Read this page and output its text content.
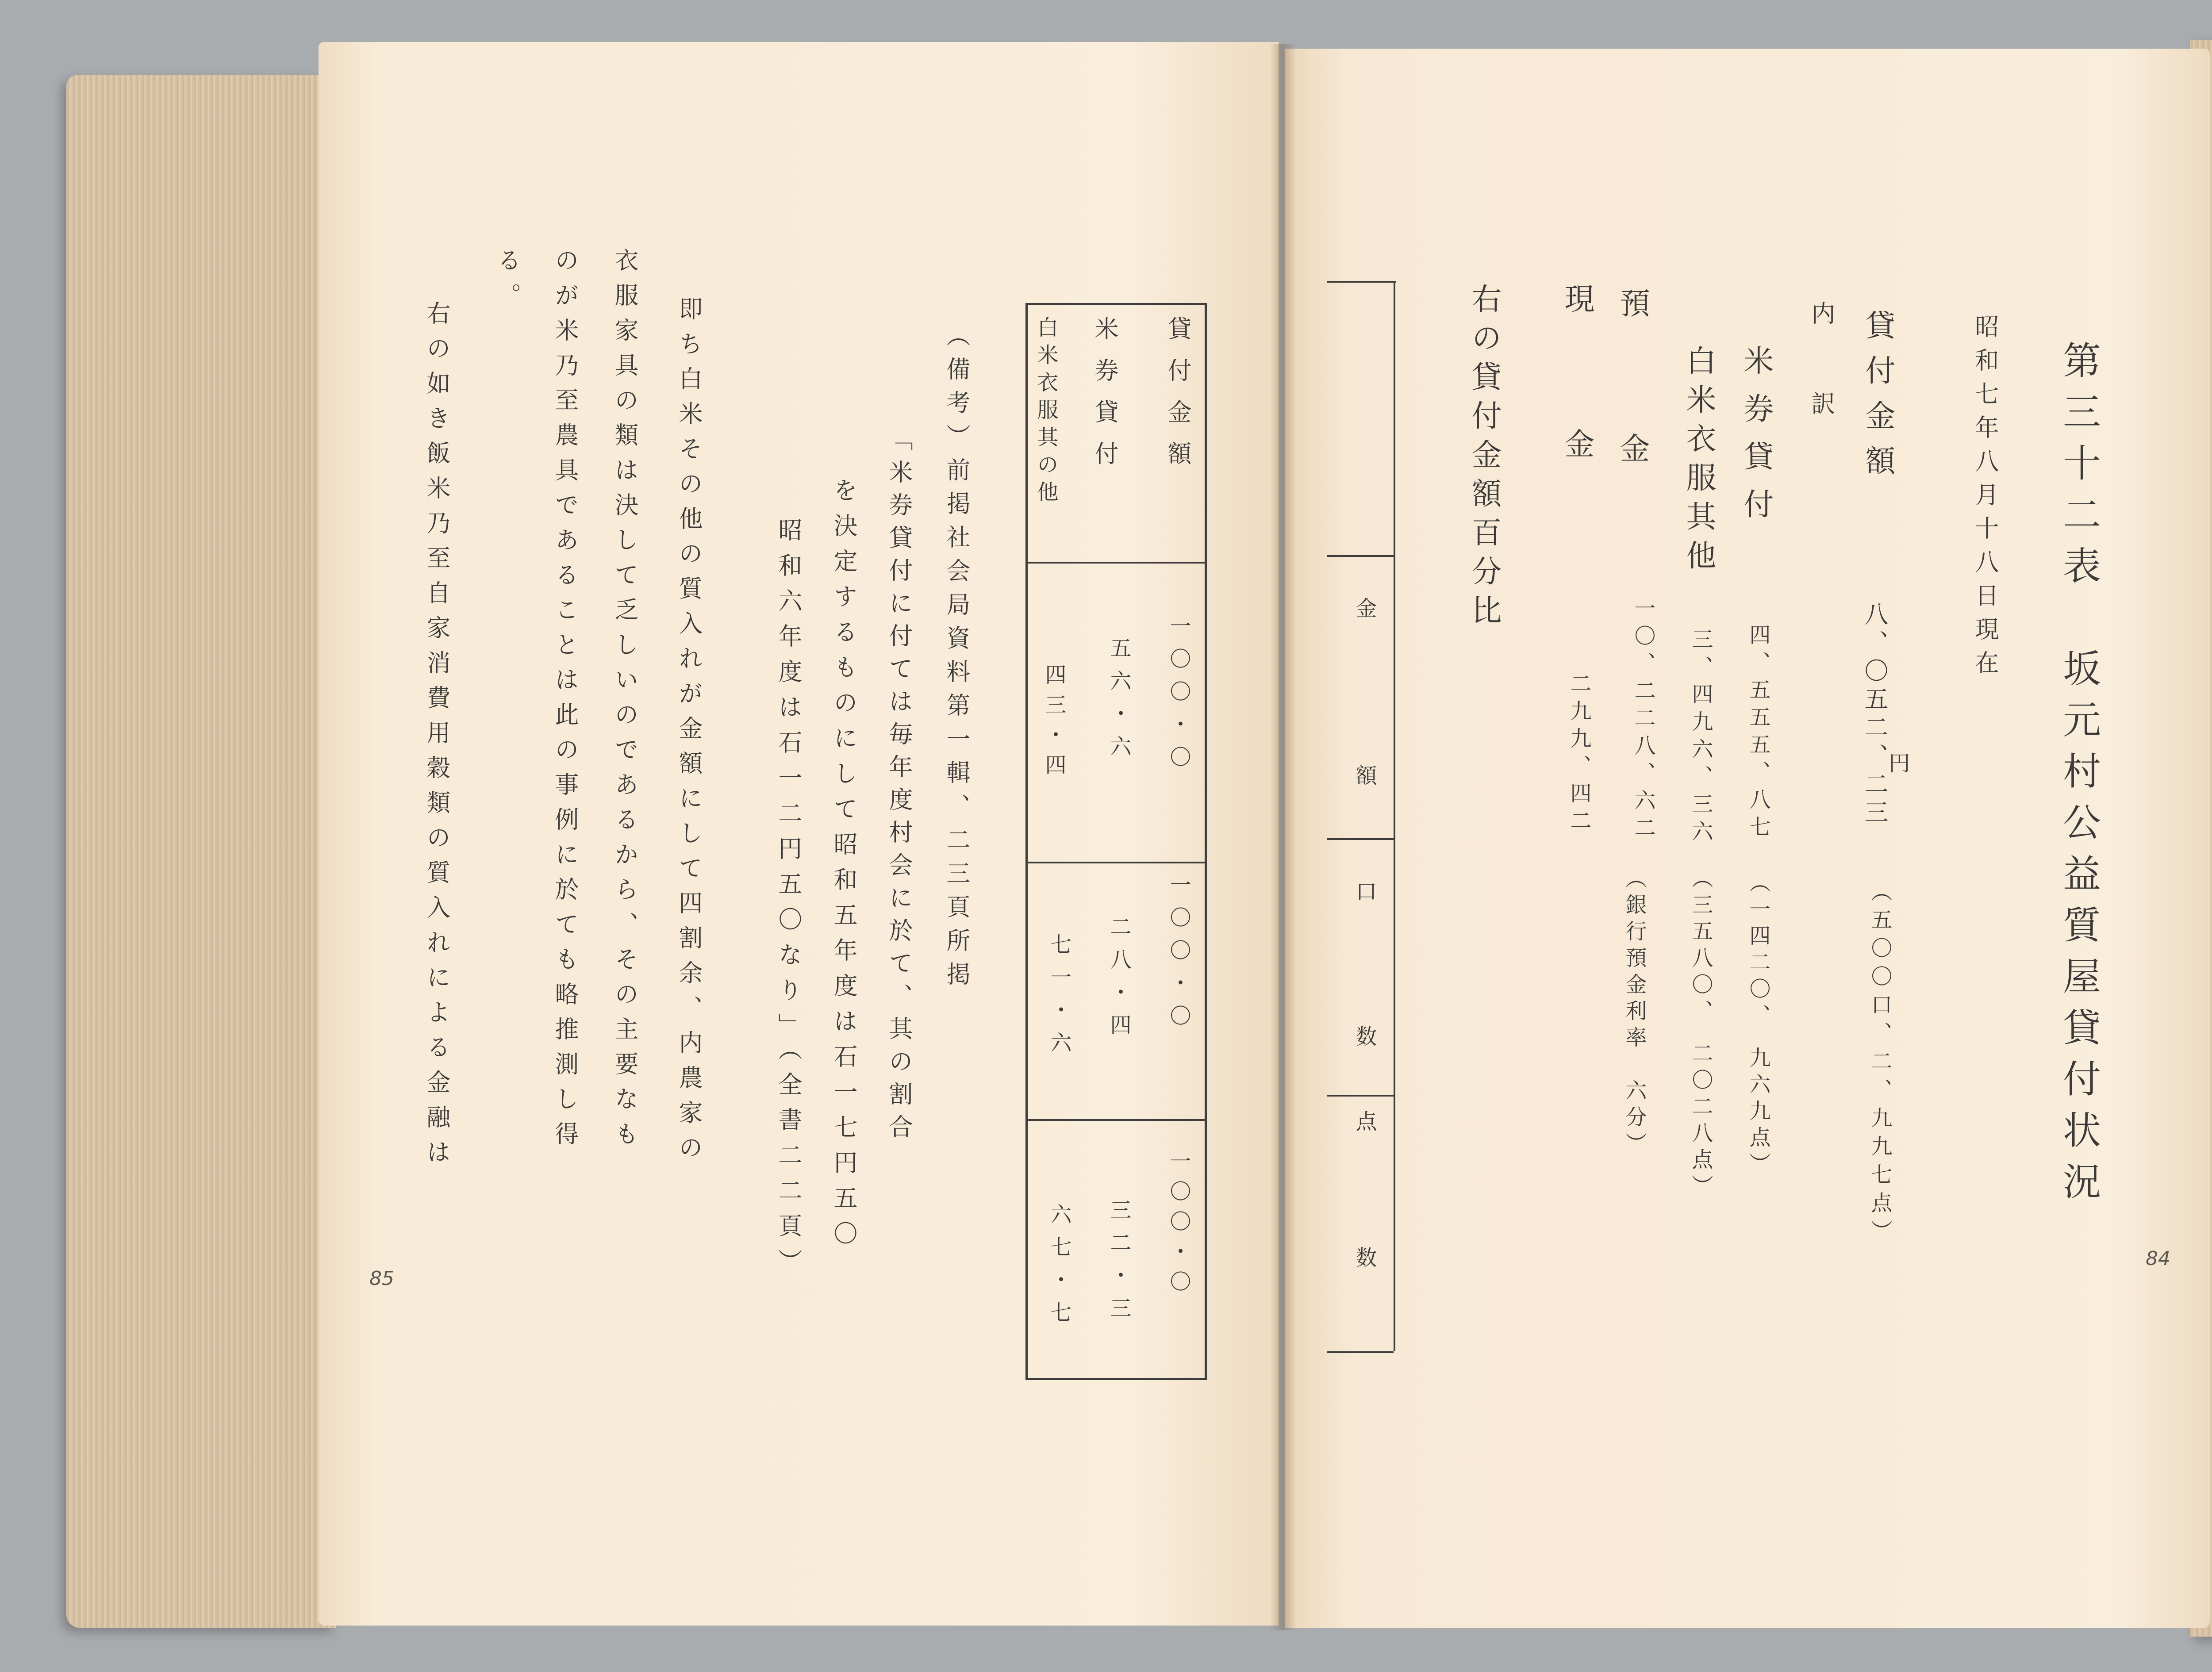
貸付金額
米券貸付
白米衣服其の他
一〇〇・〇
五六・六
四三・四
一〇〇・〇
二八・四
七一・六
一〇〇・〇
三二・三
六七・七
（備考）前掲社会局資料第一輯、二三頁所掲
「米券貸付に付ては毎年度村会に於て、其の割合
を決定するものにして昭和五年度は石一七円五〇
昭和六年度は石一二円五〇なり」（全書二二頁）
即ち白米その他の質入れが金額にして四割余、内農家の
衣服家具の類は決して乏しいのであるから、その主要なも
のが米乃至農具であることは此の事例に於ても略推測し得
る。
右の如き飯米乃至自家消費用穀類の質入れによる金融は
85
第三十二表　坂元村公益質屋貸付状況
昭和七年八月十八日現在
貸付金額
八、〇五二、二三
円
（五〇〇口、二、九九七点）
内訳
米券貸付
四、五五五、八七
（一四二〇、　九六九点）
白米衣服其他
三、四九六、三六
（三五八〇、　二〇二八点）
預金
一〇、二二八、六二
（銀行預金利率　六分）
現金
二九九、四二
右の貸付金額百分比
金額
口数
点数	84
